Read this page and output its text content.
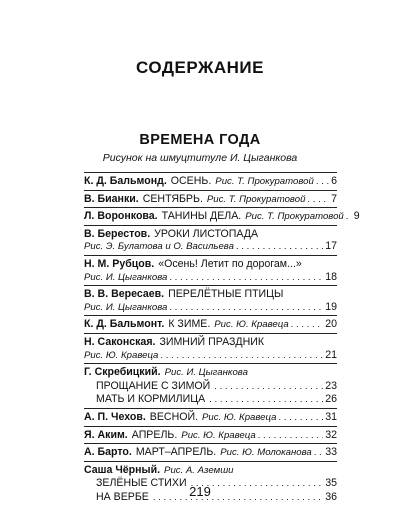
СОДЕРЖАНИЕ
ВРЕМЕНА ГОДА
Рисунок на шмуцтитуле И. Цыганкова
К. Д. Бальмонд. ОСЕНЬ. Рис. Т. Прокуратовой . . . 6
В. Бианки. СЕНТЯБРЬ. Рис. Т. Прокуратовой . . . 7
Л. Воронкова. ТАНИНЫ ДЕЛА. Рис. Т. Прокуратовой . . . 9
В. Берестов. УРОКИ ЛИСТОПАДА
Рис. Э. Булатова и О. Васильева . . .	17
Н. М. Рубцов. «Осень! Летит по дорогам...»
Рис. И. Цыганкова . . .	18
В. В. Вересаев. ПЕРЕЛЁТНЫЕ ПТИЦЫ
Рис. И. Цыганкова . . .	19
К. Д. Бальмонт. К ЗИМЕ. Рис. Ю. Кравеца . . .	20
Н. Саконская. ЗИМНИЙ ПРАЗДНИК
Рис. Ю. Кравеца . . .	21
Г. Скребицкий. Рис. И. Цыганкова
ПРОЩАНИЕ С ЗИМОЙ . . .	23
МАТЬ И КОРМИЛИЦА . . .	26
А. П. Чехов. ВЕСНОЙ. Рис. Ю. Кравеца . . .	31
Я. Аким. АПРЕЛЬ. Рис. Ю. Кравеца . . .	32
А. Барто. МАРТ–АПРЕЛЬ. Рис. Ю. Молоканова . . . 33
Саша Чёрный. Рис. А. Аземши
ЗЕЛЁНЫЕ СТИХИ . . .	35
НА ВЕРБЕ . . .	36
219
